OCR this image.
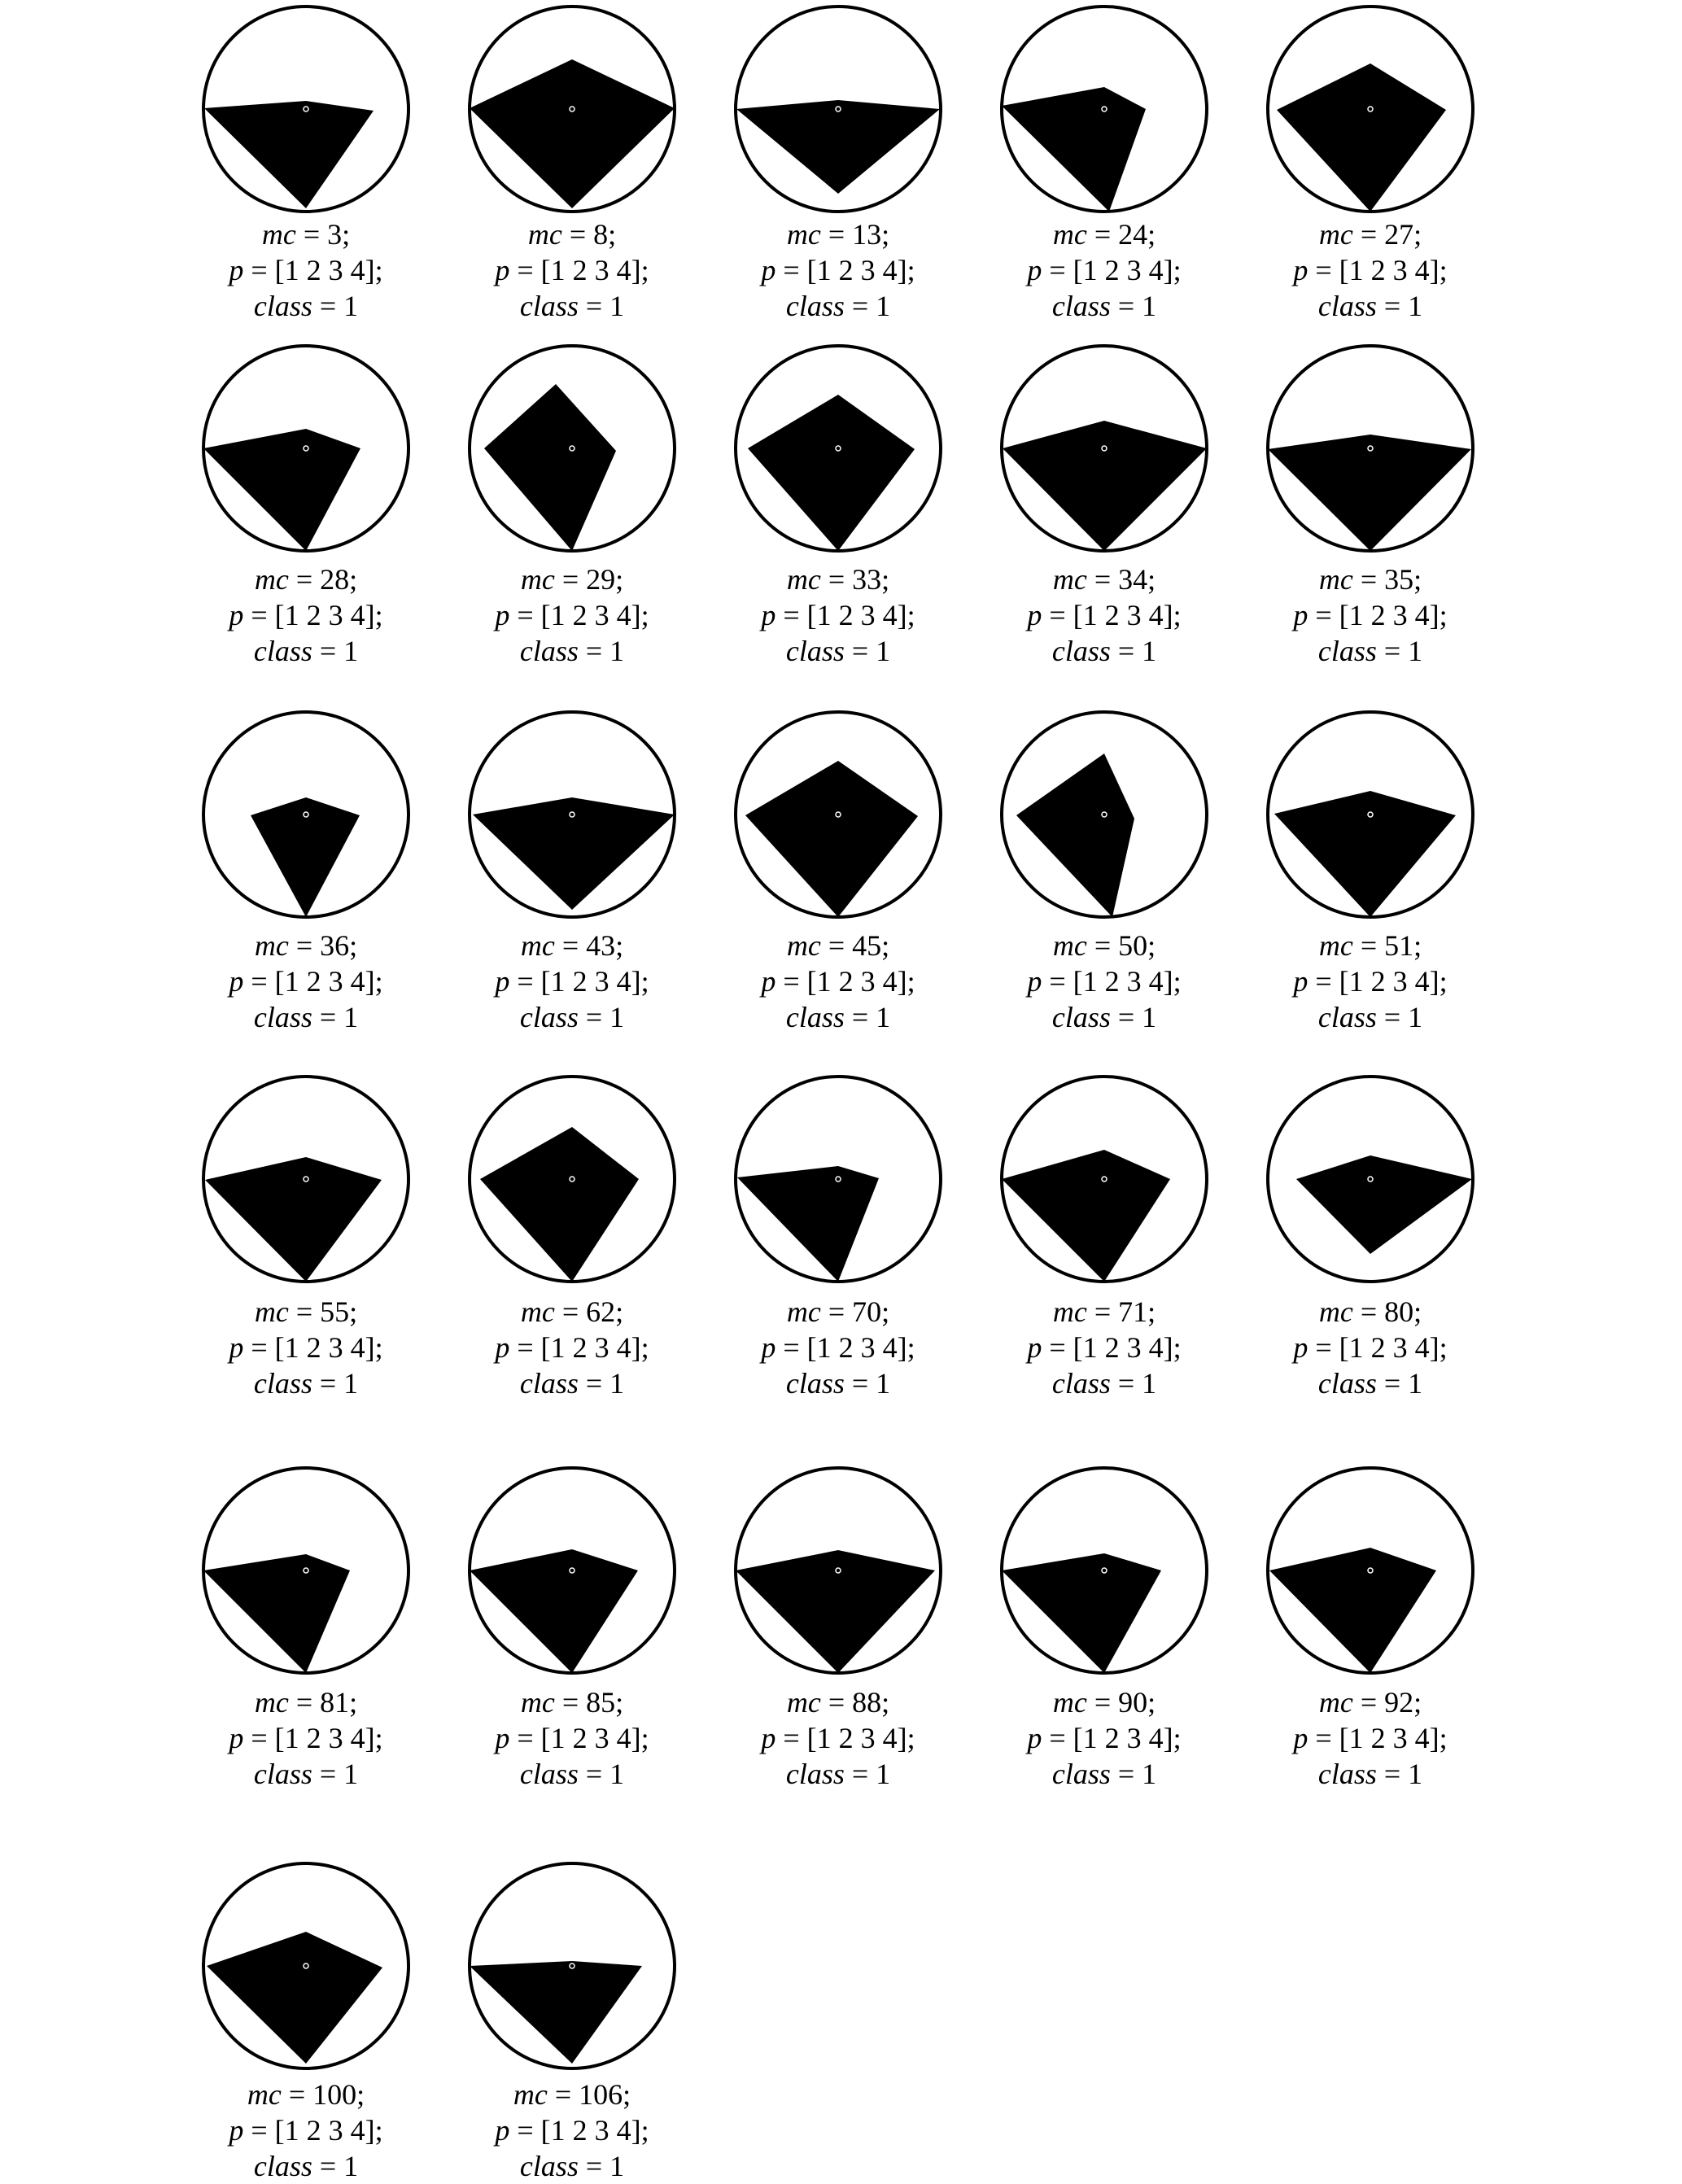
mc = 3;
p = [1 2 3 4];
class = 1
mc = 8;
p = [1 2 3 4];
class = 1
mc = 13;
p = [1 2 3 4];
class = 1
mc = 24;
p = [1 2 3 4];
class = 1
mc = 27;
p = [1 2 3 4];
class = 1
mc = 28;
p = [1 2 3 4];
class = 1
mc = 29;
p = [1 2 3 4];
class = 1
mc = 33;
p = [1 2 3 4];
class = 1
mc = 34;
p = [1 2 3 4];
class = 1
mc = 35;
p = [1 2 3 4];
class = 1
mc = 36;
p = [1 2 3 4];
class = 1
mc = 43;
p = [1 2 3 4];
class = 1
mc = 45;
p = [1 2 3 4];
class = 1
mc = 50;
p = [1 2 3 4];
class = 1
mc = 51;
p = [1 2 3 4];
class = 1
mc = 55;
p = [1 2 3 4];
class = 1
mc = 62;
p = [1 2 3 4];
class = 1
mc = 70;
p = [1 2 3 4];
class = 1
mc = 71;
p = [1 2 3 4];
class = 1
mc = 80;
p = [1 2 3 4];
class = 1
mc = 81;
p = [1 2 3 4];
class = 1
mc = 85;
p = [1 2 3 4];
class = 1
mc = 88;
p = [1 2 3 4];
class = 1
mc = 90;
p = [1 2 3 4];
class = 1
mc = 92;
p = [1 2 3 4];
class = 1
mc = 100;
p = [1 2 3 4];
class = 1
mc = 106;
p = [1 2 3 4];
class = 1
